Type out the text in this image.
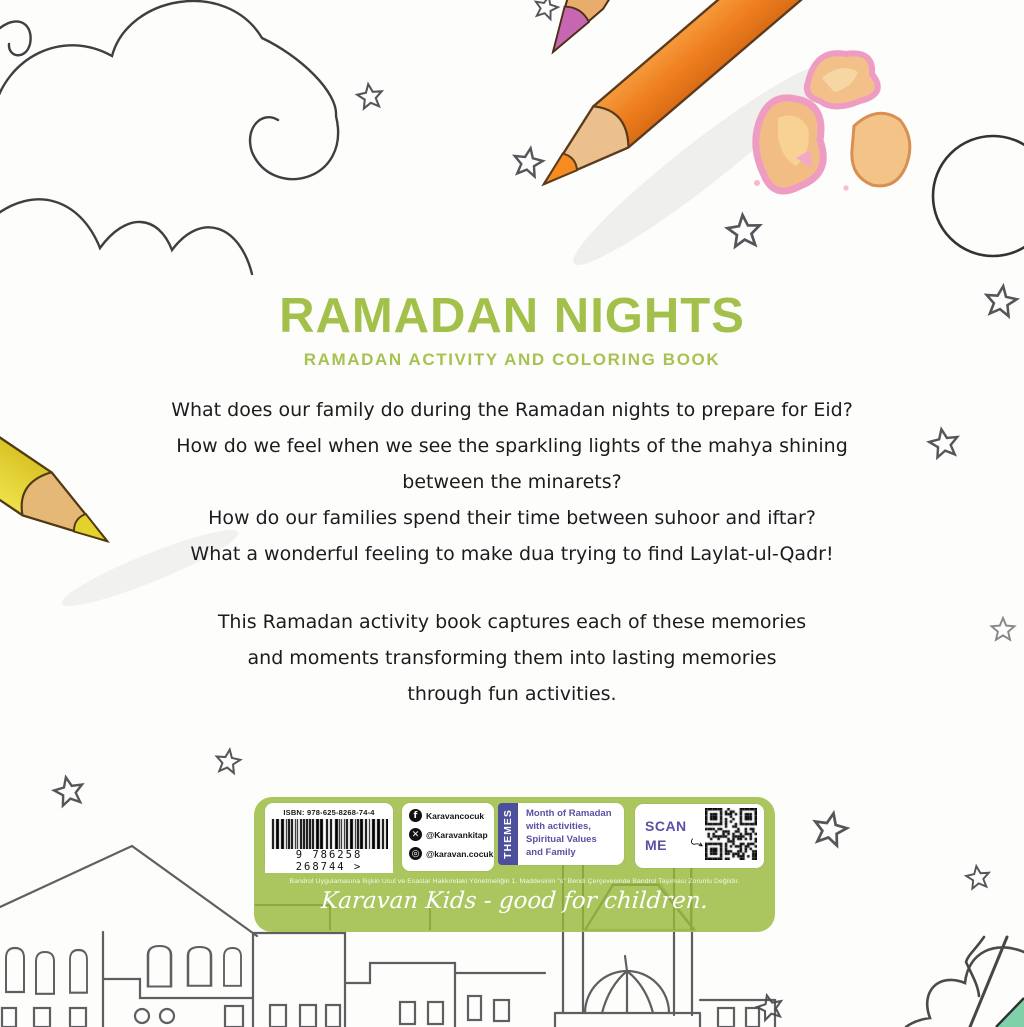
RAMADAN NIGHTS
RAMADAN ACTIVITY AND COLORING BOOK
What does our family do during the Ramadan nights to prepare for Eid?
How do we feel when we see the sparkling lights of the mahya shining
between the minarets?
How do our families spend their time between suhoor and iftar?
What a wonderful feeling to make dua trying to find Laylat-ul-Qadr!
This Ramadan activity book captures each of these memories
and moments transforming them into lasting memories
through fun activities.
ISBN: 978-625-8268-74-4
9 786258 268744 >
f	Karavancocuk
✕ @Karavankitap
◎ @karavan.cocuk THEMES Month of Ramadan
with activities,
Spiritual Values
and Family
SCAN
ME
Bandrol Uygulamasına İlişkin Usul ve Esaslar Hakkındaki Yönetmeliğin 1. Maddesinin "s" Bendi Çerçevesinde Bandrol Taşıması Zorunlu Değildir.
Karavan Kids - good for children.
